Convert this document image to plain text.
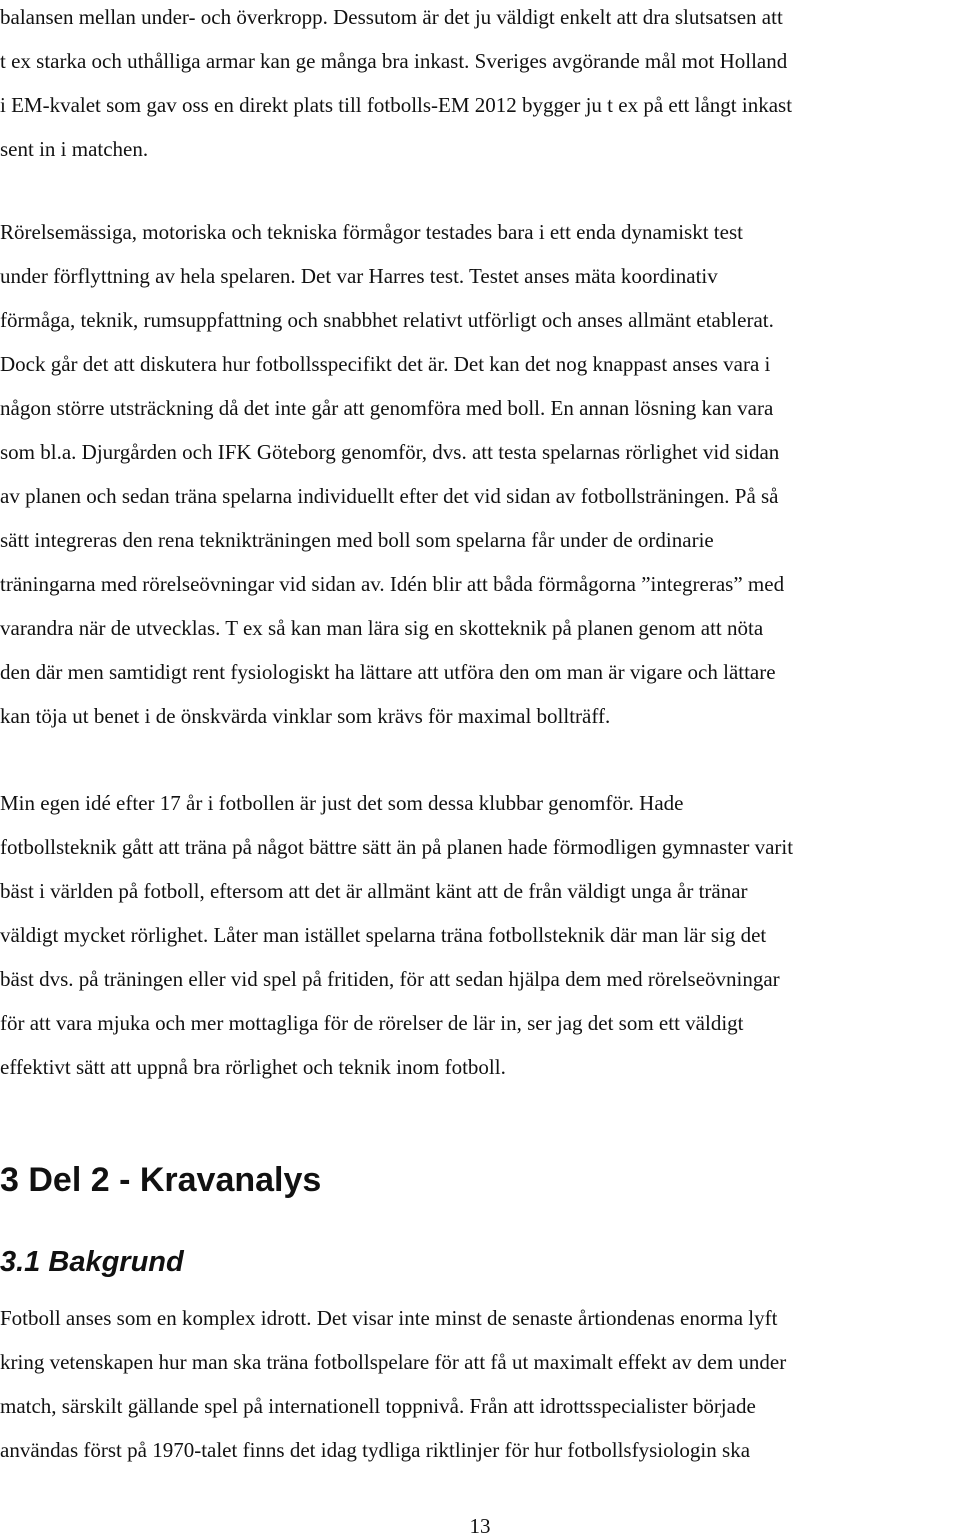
balansen mellan under- och överkropp. Dessutom är det ju väldigt enkelt att dra slutsatsen att
t ex starka och uthålliga armar kan ge många bra inkast. Sveriges avgörande mål mot Holland
i EM-kvalet som gav oss en direkt plats till fotbolls-EM 2012 bygger ju t ex på ett långt inkast
sent in i matchen.
Rörelsemässiga, motoriska och tekniska förmågor testades bara i ett enda dynamiskt test
under förflyttning av hela spelaren. Det var Harres test. Testet anses mäta koordinativ
förmåga, teknik, rumsuppfattning och snabbhet relativt utförligt och anses allmänt etablerat.
Dock går det att diskutera hur fotbollsspecifikt det är. Det kan det nog knappast anses vara i
någon större utsträckning då det inte går att genomföra med boll. En annan lösning kan vara
som bl.a. Djurgården och IFK Göteborg genomför, dvs. att testa spelarnas rörlighet vid sidan
av planen och sedan träna spelarna individuellt efter det vid sidan av fotbollsträningen. På så
sätt integreras den rena teknikträningen med boll som spelarna får under de ordinarie
träningarna med rörelseövningar vid sidan av. Idén blir att båda förmågorna ”integreras” med
varandra när de utvecklas. T ex så kan man lära sig en skotteknik på planen genom att nöta
den där men samtidigt rent fysiologiskt ha lättare att utföra den om man är vigare och lättare
kan töja ut benet i de önskvärda vinklar som krävs för maximal bollträff.
Min egen idé efter 17 år i fotbollen är just det som dessa klubbar genomför. Hade
fotbollsteknik gått att träna på något bättre sätt än på planen hade förmodligen gymnaster varit
bäst i världen på fotboll, eftersom att det är allmänt känt att de från väldigt unga år tränar
väldigt mycket rörlighet. Låter man istället spelarna träna fotbollsteknik där man lär sig det
bäst dvs. på träningen eller vid spel på fritiden, för att sedan hjälpa dem med rörelseövningar
för att vara mjuka och mer mottagliga för de rörelser de lär in, ser jag det som ett väldigt
effektivt sätt att uppnå bra rörlighet och teknik inom fotboll.
3 Del 2 - Kravanalys
3.1 Bakgrund
Fotboll anses som en komplex idrott. Det visar inte minst de senaste årtiondenas enorma lyft
kring vetenskapen hur man ska träna fotbollspelare för att få ut maximalt effekt av dem under
match, särskilt gällande spel på internationell toppnivå. Från att idrottsspecialister började
användas först på 1970-talet finns det idag tydliga riktlinjer för hur fotbollsfysiologin ska
13
